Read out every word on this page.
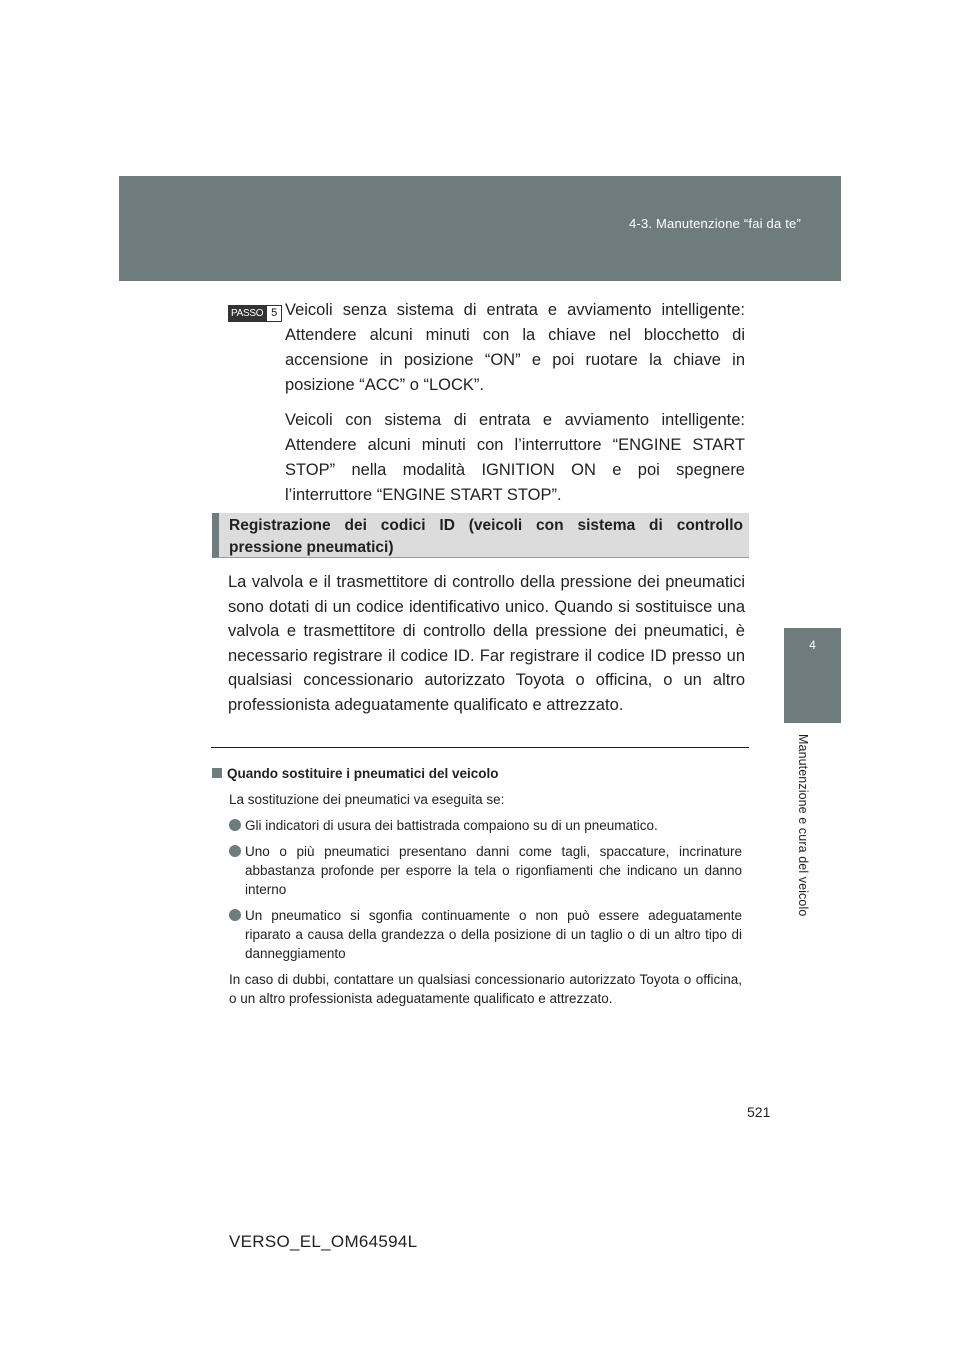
4-3. Manutenzione “fai da te”
4
Manutenzione e cura del veicolo
PASSO 5 Veicoli senza sistema di entrata e avviamento intelligente: Attendere alcuni minuti con la chiave nel blocchetto di accensione in posizione “ON” e poi ruotare la chiave in posizione “ACC” o “LOCK”.

Veicoli con sistema di entrata e avviamento intelligente: Attendere alcuni minuti con l’interruttore “ENGINE START STOP” nella modalità IGNITION ON e poi spegnere l’interruttore “ENGINE START STOP”.

Registrazione dei codici ID (veicoli con sistema di controllo pressione pneumatici)

La valvola e il trasmettitore di controllo della pressione dei pneumatici sono dotati di un codice identificativo unico. Quando si sostituisce una valvola e trasmettitore di controllo della pressione dei pneumatici, è necessario registrare il codice ID. Far registrare il codice ID presso un qualsiasi concessionario autorizzato Toyota o officina, o un altro professionista adeguatamente qualificato e attrezzato.

Quando sostituire i pneumatici del veicolo
La sostituzione dei pneumatici va eseguita se:
Gli indicatori di usura dei battistrada compaiono su di un pneumatico.
Uno o più pneumatici presentano danni come tagli, spaccature, incrinature abbastanza profonde per esporre la tela o rigonfiamenti che indicano un danno interno
Un pneumatico si sgonfia continuamente o non può essere adeguatamente riparato a causa della grandezza o della posizione di un taglio o di un altro tipo di danneggiamento
In caso di dubbi, contattare un qualsiasi concessionario autorizzato Toyota o officina, o un altro professionista adeguatamente qualificato e attrezzato.
521
VERSO_EL_OM64594L
